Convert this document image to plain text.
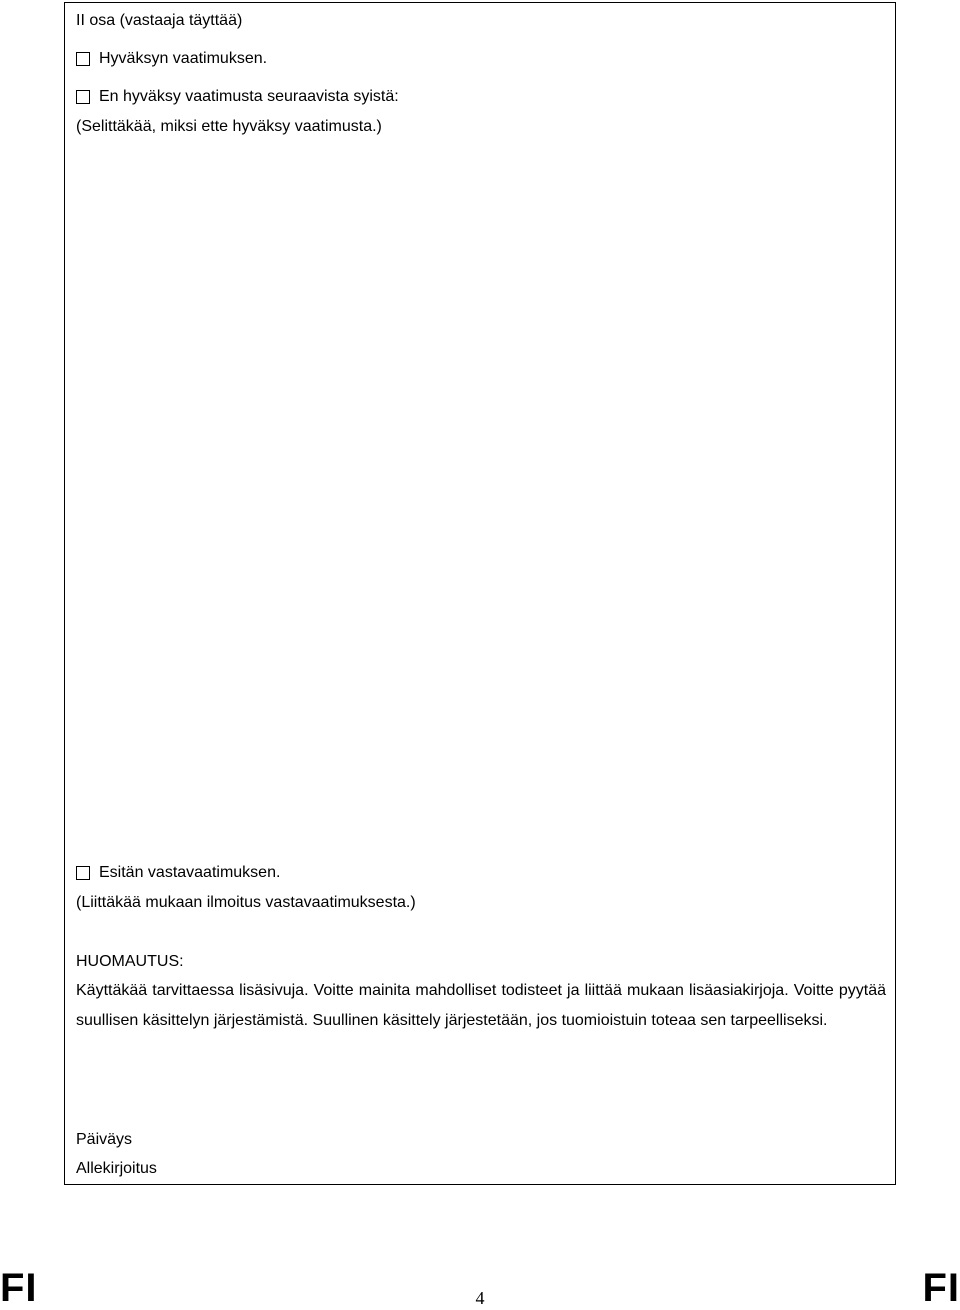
II osa (vastaaja täyttää)
Hyväksyn vaatimuksen.
En hyväksy vaatimusta seuraavista syistä:
(Selittäkää, miksi ette hyväksy vaatimusta.)
Esitän vastavaatimuksen.
(Liittäkää mukaan ilmoitus vastavaatimuksesta.)
HUOMAUTUS:
Käyttäkää tarvittaessa lisäsivuja. Voitte mainita mahdolliset todisteet ja liittää mukaan lisäasiakirjoja. Voitte pyytää suullisen käsittelyn järjestämistä. Suullinen käsittely järjestetään, jos tuomioistuin toteaa sen tarpeelliseksi.
Päiväys
Allekirjoitus
FI	4	FI
